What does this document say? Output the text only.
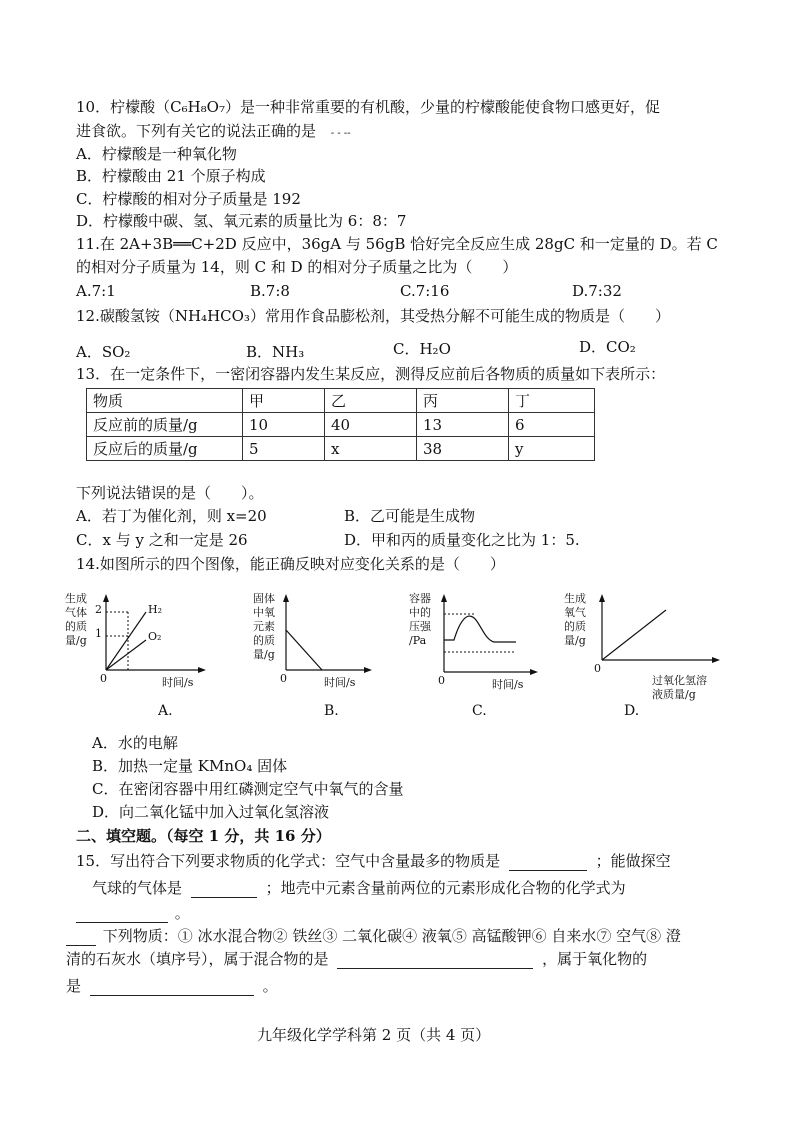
10．柠檬酸（C₆H₈O₇）是一种非常重要的有机酸，少量的柠檬酸能使食物口感更好，促
进食欲。下列有关它的说法正确的是 - - --
A．柠檬酸是一种氧化物
B．柠檬酸由 21 个原子构成
C．柠檬酸的相对分子质量是 192
D．柠檬酸中碳、氢、氧元素的质量比为 6：8：7
11.在 2A+3B══C+2D 反应中，36gA 与 56gB 恰好完全反应生成 28gC 和一定量的 D。若 C
的相对分子质量为 14，则 C 和 D 的相对分子质量之比为（　　）
A.7:1	B.7:8	C.7:16	D.7:32
12.碳酸氢铵（NH₄HCO₃）常用作食品膨松剂，其受热分解不可能生成的物质是（　　）
A．SO₂	B．NH₃	C．H₂O	D．CO₂
13．在一定条件下，一密闭容器内发生某反应，测得反应前后各物质的质量如下表所示：
物质	甲	乙	丙	丁
反应前的质量/g	10	40	13	6
反应后的质量/g	5	x	38	y
下列说法错误的是（　　）。
A．若丁为催化剂，则 x=20	B．乙可能是生成物
C．x 与 y 之和一定是 26	D．甲和丙的质量变化之比为 1：5.
14.如图所示的四个图像，能正确反映对应变化关系的是（　　）
生成
气体
的质
量/g
2
1
0
H₂
O₂
时间/s
A.
固体
中氧
元素
的质
量/g
0	时间/s
B.
容器
中的
压强
/Pa
0	时间/s
C.
生成
氧气
的质
量/g
0
过氧化氢溶
液质量/g
D.
A．水的电解
B．加热一定量 KMnO₄ 固体
C．在密闭容器中用红磷测定空气中氧气的含量
D．向二氧化锰中加入过氧化氢溶液
二、填空题。（每空 1 分，共 16 分）
15．写出符合下列要求物质的化学式：空气中含量最多的物质是	；能做探空
气球的气体是	；地壳中元素含量前两位的元素形成化合物的化学式为
。
下列物质：① 冰水混合物② 铁丝③ 二氧化碳④ 液氧⑤ 高锰酸钾⑥ 自来水⑦ 空气⑧ 澄
清的石灰水（填序号），属于混合物的是	，属于氧化物的
是	。
九年级化学学科第 2 页（共 4 页）
